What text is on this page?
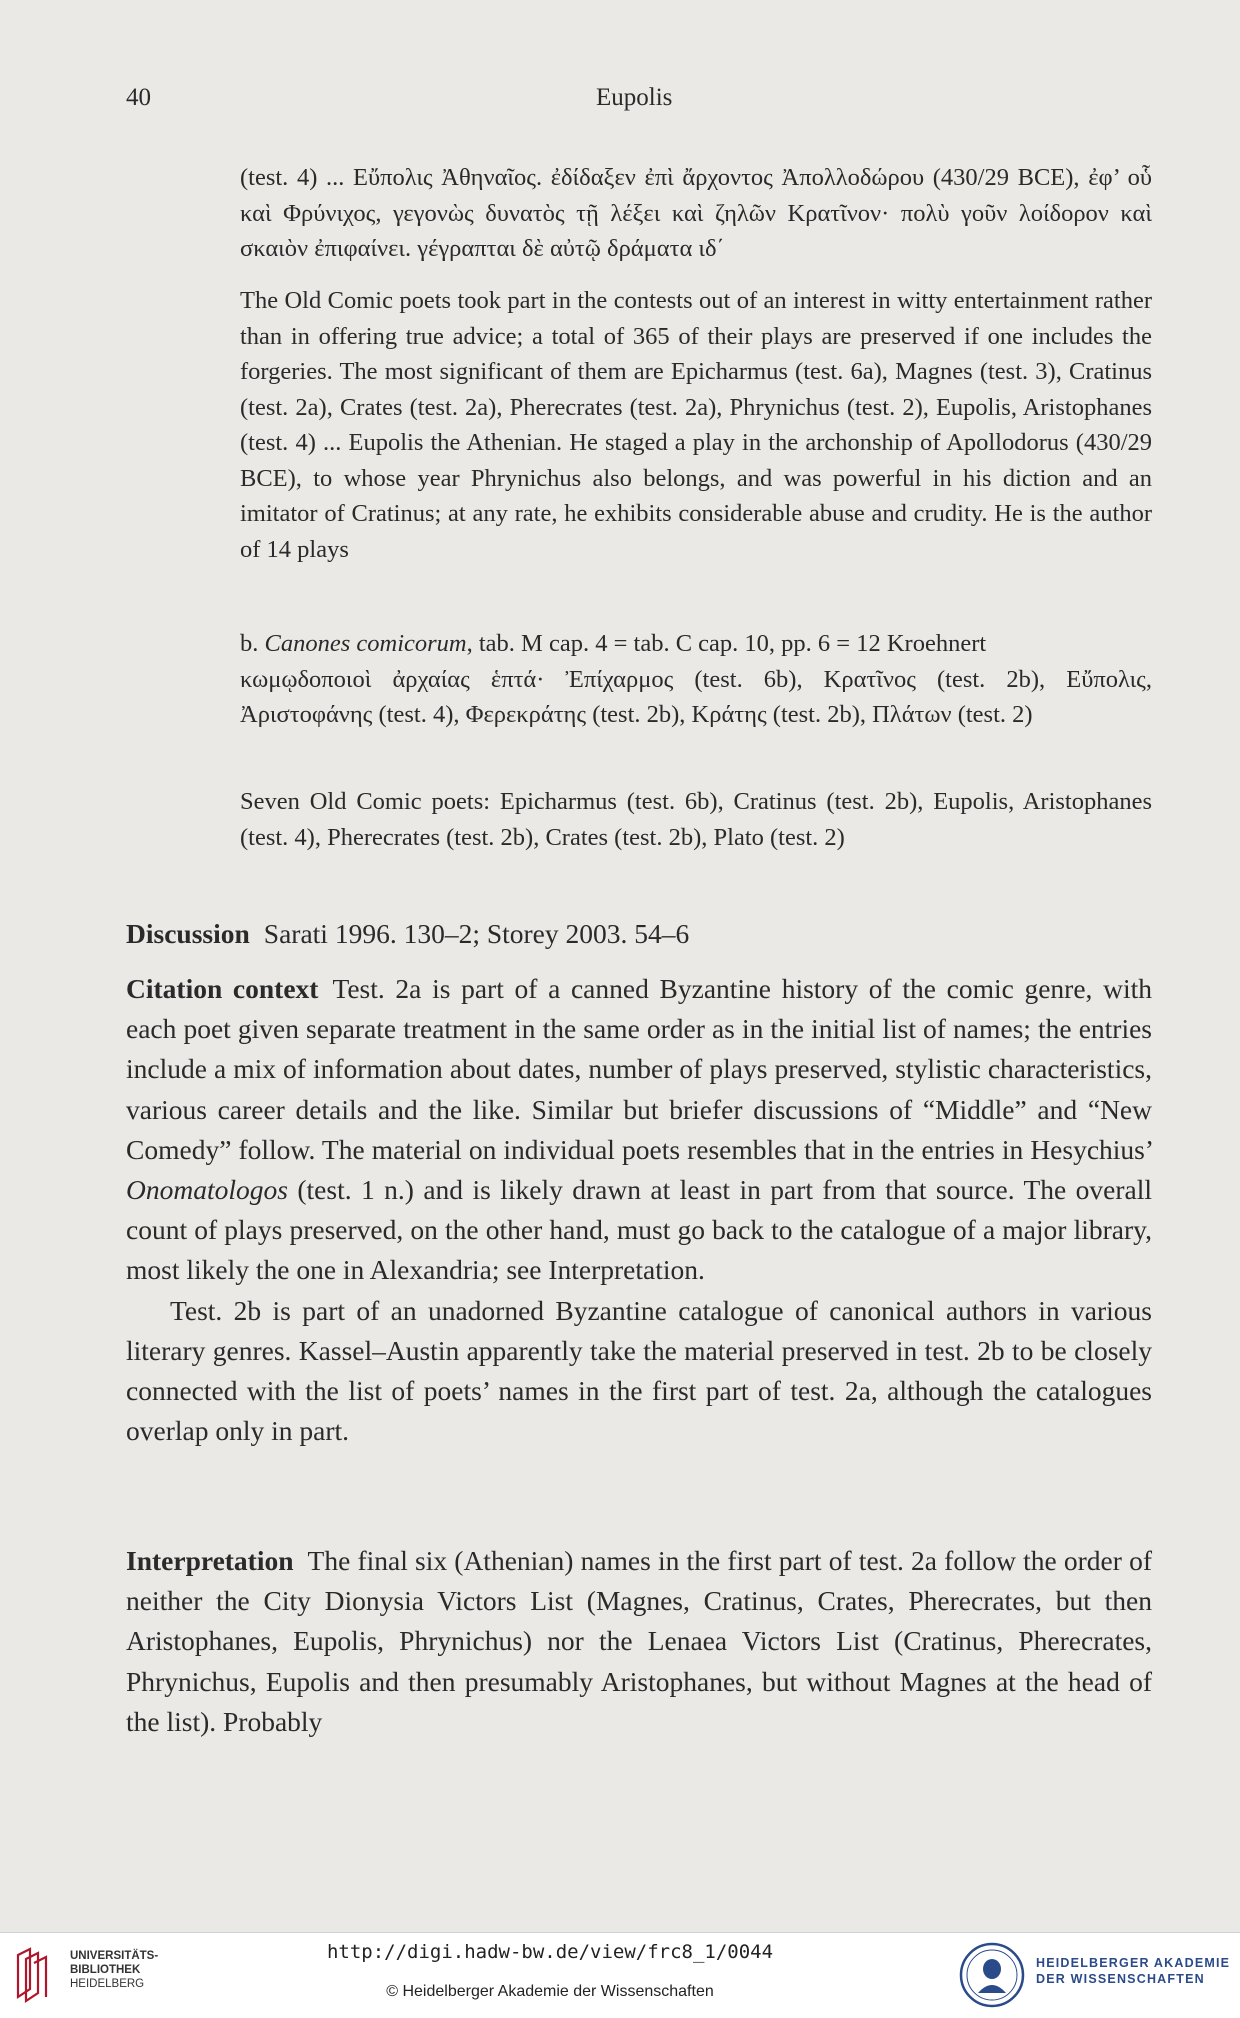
40	Eupolis

(test. 4) ... Εὔπολις Ἀθηναῖος. ἐδίδαξεν ἐπὶ ἄρχοντος Ἀπολλοδώρου (430/29 BCE), ἐφ’ οὗ καὶ Φρύνιχος, γεγονὼς δυνατὸς τῇ λέξει καὶ ζηλῶν Κρατῖνον· πολὺ γοῦν λοίδορον καὶ σκαιὸν ἐπιφαίνει. γέγραπται δὲ αὐτῷ δράματα ιδ΄

The Old Comic poets took part in the contests out of an interest in witty entertainment rather than in offering true advice; a total of 365 of their plays are preserved if one includes the forgeries. The most significant of them are Epicharmus (test. 6a), Magnes (test. 3), Cratinus (test. 2a), Crates (test. 2a), Pherecrates (test. 2a), Phrynichus (test. 2), Eupolis, Aristophanes (test. 4) ... Eupolis the Athenian. He staged a play in the archonship of Apollodorus (430/29 BCE), to whose year Phrynichus also belongs, and was powerful in his diction and an imitator of Cratinus; at any rate, he exhibits considerable abuse and crudity. He is the author of 14 plays

b. Canones comicorum, tab. M cap. 4 = tab. C cap. 10, pp. 6 = 12 Kroehnert

κωμῳδοποιοὶ ἀρχαίας ἑπτά· Ἐπίχαρμος (test. 6b), Κρατῖνος (test. 2b), Εὔπολις, Ἀριστοφάνης (test. 4), Φερεκράτης (test. 2b), Κράτης (test. 2b), Πλάτων (test. 2)

Seven Old Comic poets: Epicharmus (test. 6b), Cratinus (test. 2b), Eupolis, Aristophanes (test. 4), Pherecrates (test. 2b), Crates (test. 2b), Plato (test. 2)

Discussion Sarati 1996. 130–2; Storey 2003. 54–6

Citation context Test. 2a is part of a canned Byzantine history of the comic genre, with each poet given separate treatment in the same order as in the initial list of names; the entries include a mix of information about dates, number of plays preserved, stylistic characteristics, various career details and the like. Similar but briefer discussions of “Middle” and “New Comedy” follow. The material on individual poets resembles that in the entries in Hesychius’ Onomatologos (test. 1 n.) and is likely drawn at least in part from that source. The overall count of plays preserved, on the other hand, must go back to the catalogue of a major library, most likely the one in Alexandria; see Interpretation.

Test. 2b is part of an unadorned Byzantine catalogue of canonical authors in various literary genres. Kassel–Austin apparently take the material preserved in test. 2b to be closely connected with the list of poets’ names in the first part of test. 2a, although the catalogues overlap only in part.

Interpretation The final six (Athenian) names in the first part of test. 2a follow the order of neither the City Dionysia Victors List (Magnes, Cratinus, Crates, Pherecrates, but then Aristophanes, Eupolis, Phrynichus) nor the Lenaea Victors List (Cratinus, Pherecrates, Phrynichus, Eupolis and then presumably Aristophanes, but without Magnes at the head of the list). Probably

UNIVERSITÄTS-
BIBLIOTHEK
HEIDELBERG
http://digi.hadw-bw.de/view/frc8_1/0044
© Heidelberger Akademie der Wissenschaften
HEIDELBERGER AKADEMIE
DER WISSENSCHAFTEN
